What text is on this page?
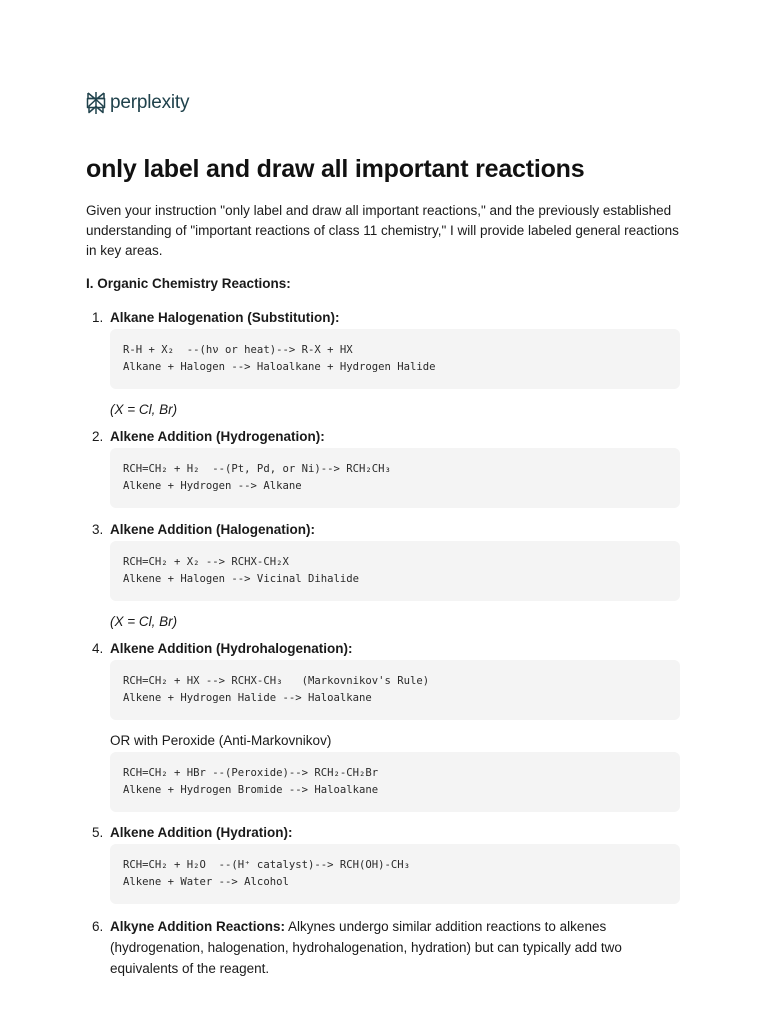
perplexity
only label and draw all important reactions

Given your instruction "only label and draw all important reactions," and the previously established understanding of "important reactions of class 11 chemistry," I will provide labeled general reactions in key areas.

I. Organic Chemistry Reactions:

1. Alkane Halogenation (Substitution):
R-H + X₂  --(hν or heat)--> R-X + HX
Alkane + Halogen --> Haloalkane + Hydrogen Halide
(X = Cl, Br)
2. Alkene Addition (Hydrogenation):
RCH=CH₂ + H₂  --(Pt, Pd, or Ni)--> RCH₂CH₃
Alkene + Hydrogen --> Alkane
3. Alkene Addition (Halogenation):
RCH=CH₂ + X₂ --> RCHX-CH₂X
Alkene + Halogen --> Vicinal Dihalide
(X = Cl, Br)
4. Alkene Addition (Hydrohalogenation):
RCH=CH₂ + HX --> RCHX-CH₃   (Markovnikov's Rule)
Alkene + Hydrogen Halide --> Haloalkane
OR with Peroxide (Anti-Markovnikov)
RCH=CH₂ + HBr --(Peroxide)--> RCH₂-CH₂Br
Alkene + Hydrogen Bromide --> Haloalkane
5. Alkene Addition (Hydration):
RCH=CH₂ + H₂O  --(H⁺ catalyst)--> RCH(OH)-CH₃
Alkene + Water --> Alcohol
6. Alkyne Addition Reactions: Alkynes undergo similar addition reactions to alkenes (hydrogenation, halogenation, hydrohalogenation, hydration) but can typically add two equivalents of the reagent.
